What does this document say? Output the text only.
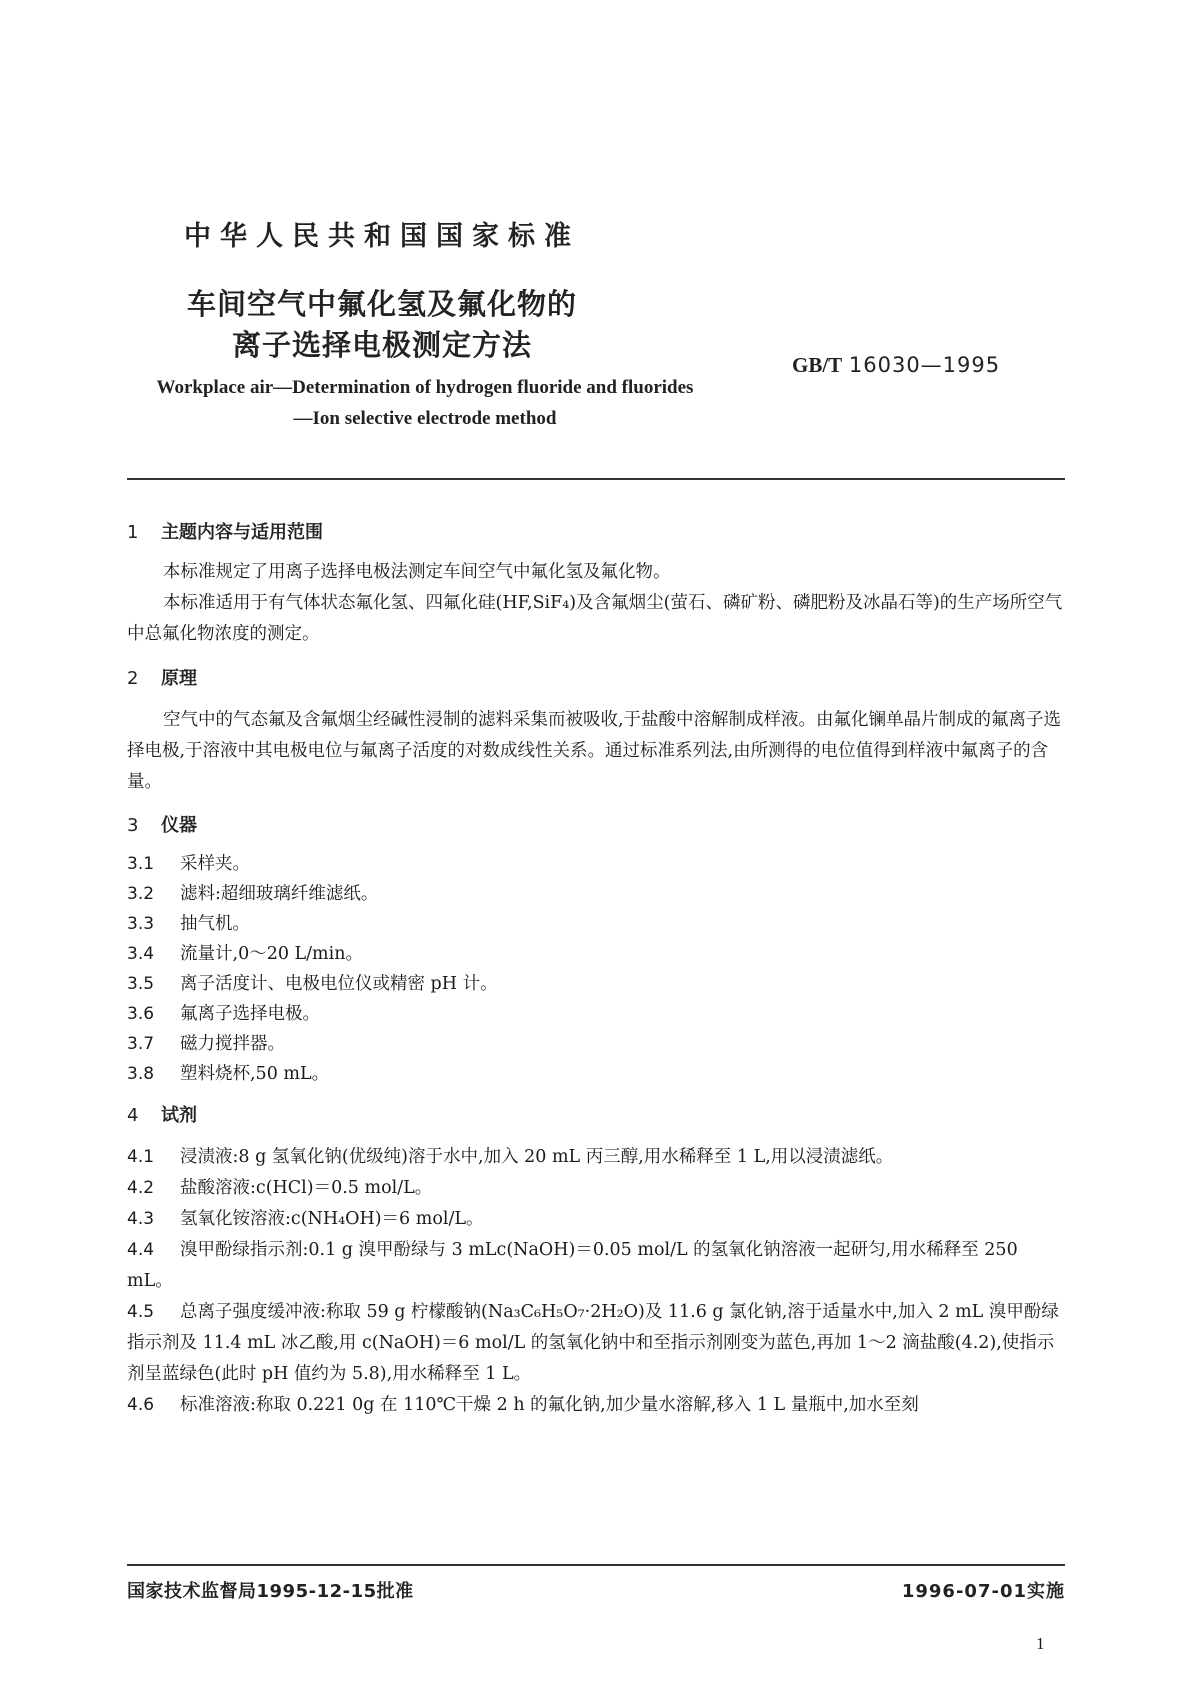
中华人民共和国国家标准
车间空气中氟化氢及氟化物的
离子选择电极测定方法
GB/T 16030—1995
Workplace air—Determination of hydrogen fluoride and fluorides
—Ion selective electrode method
1 主题内容与适用范围
本标准规定了用离子选择电极法测定车间空气中氟化氢及氟化物。
本标准适用于有气体状态氟化氢、四氟化硅(HF,SiF₄)及含氟烟尘(萤石、磷矿粉、磷肥粉及冰晶石等)的生产场所空气中总氟化物浓度的测定。
2 原理
空气中的气态氟及含氟烟尘经碱性浸制的滤料采集而被吸收,于盐酸中溶解制成样液。由氟化镧单晶片制成的氟离子选择电极,于溶液中其电极电位与氟离子活度的对数成线性关系。通过标准系列法,由所测得的电位值得到样液中氟离子的含量。
3 仪器
3.1 采样夹。
3.2 滤料:超细玻璃纤维滤纸。
3.3 抽气机。
3.4 流量计,0～20 L/min。
3.5 离子活度计、电极电位仪或精密 pH 计。
3.6 氟离子选择电极。
3.7 磁力搅拌器。
3.8 塑料烧杯,50 mL。
4 试剂
4.1 浸渍液:8 g 氢氧化钠(优级纯)溶于水中,加入 20 mL 丙三醇,用水稀释至 1 L,用以浸渍滤纸。
4.2 盐酸溶液:c(HCl)＝0.5 mol/L。
4.3 氢氧化铵溶液:c(NH₄OH)＝6 mol/L。
4.4 溴甲酚绿指示剂:0.1 g 溴甲酚绿与 3 mLc(NaOH)＝0.05 mol/L 的氢氧化钠溶液一起研匀,用水稀释至 250 mL。
4.5 总离子强度缓冲液:称取 59 g 柠檬酸钠(Na₃C₆H₅O₇·2H₂O)及 11.6 g 氯化钠,溶于适量水中,加入 2 mL 溴甲酚绿指示剂及 11.4 mL 冰乙酸,用 c(NaOH)＝6 mol/L 的氢氧化钠中和至指示剂刚变为蓝色,再加 1～2 滴盐酸(4.2),使指示剂呈蓝绿色(此时 pH 值约为 5.8),用水稀释至 1 L。
4.6 标准溶液:称取 0.221 0g 在 110℃干燥 2 h 的氟化钠,加少量水溶解,移入 1 L 量瓶中,加水至刻
国家技术监督局1995-12-15批准	1996-07-01实施
1
